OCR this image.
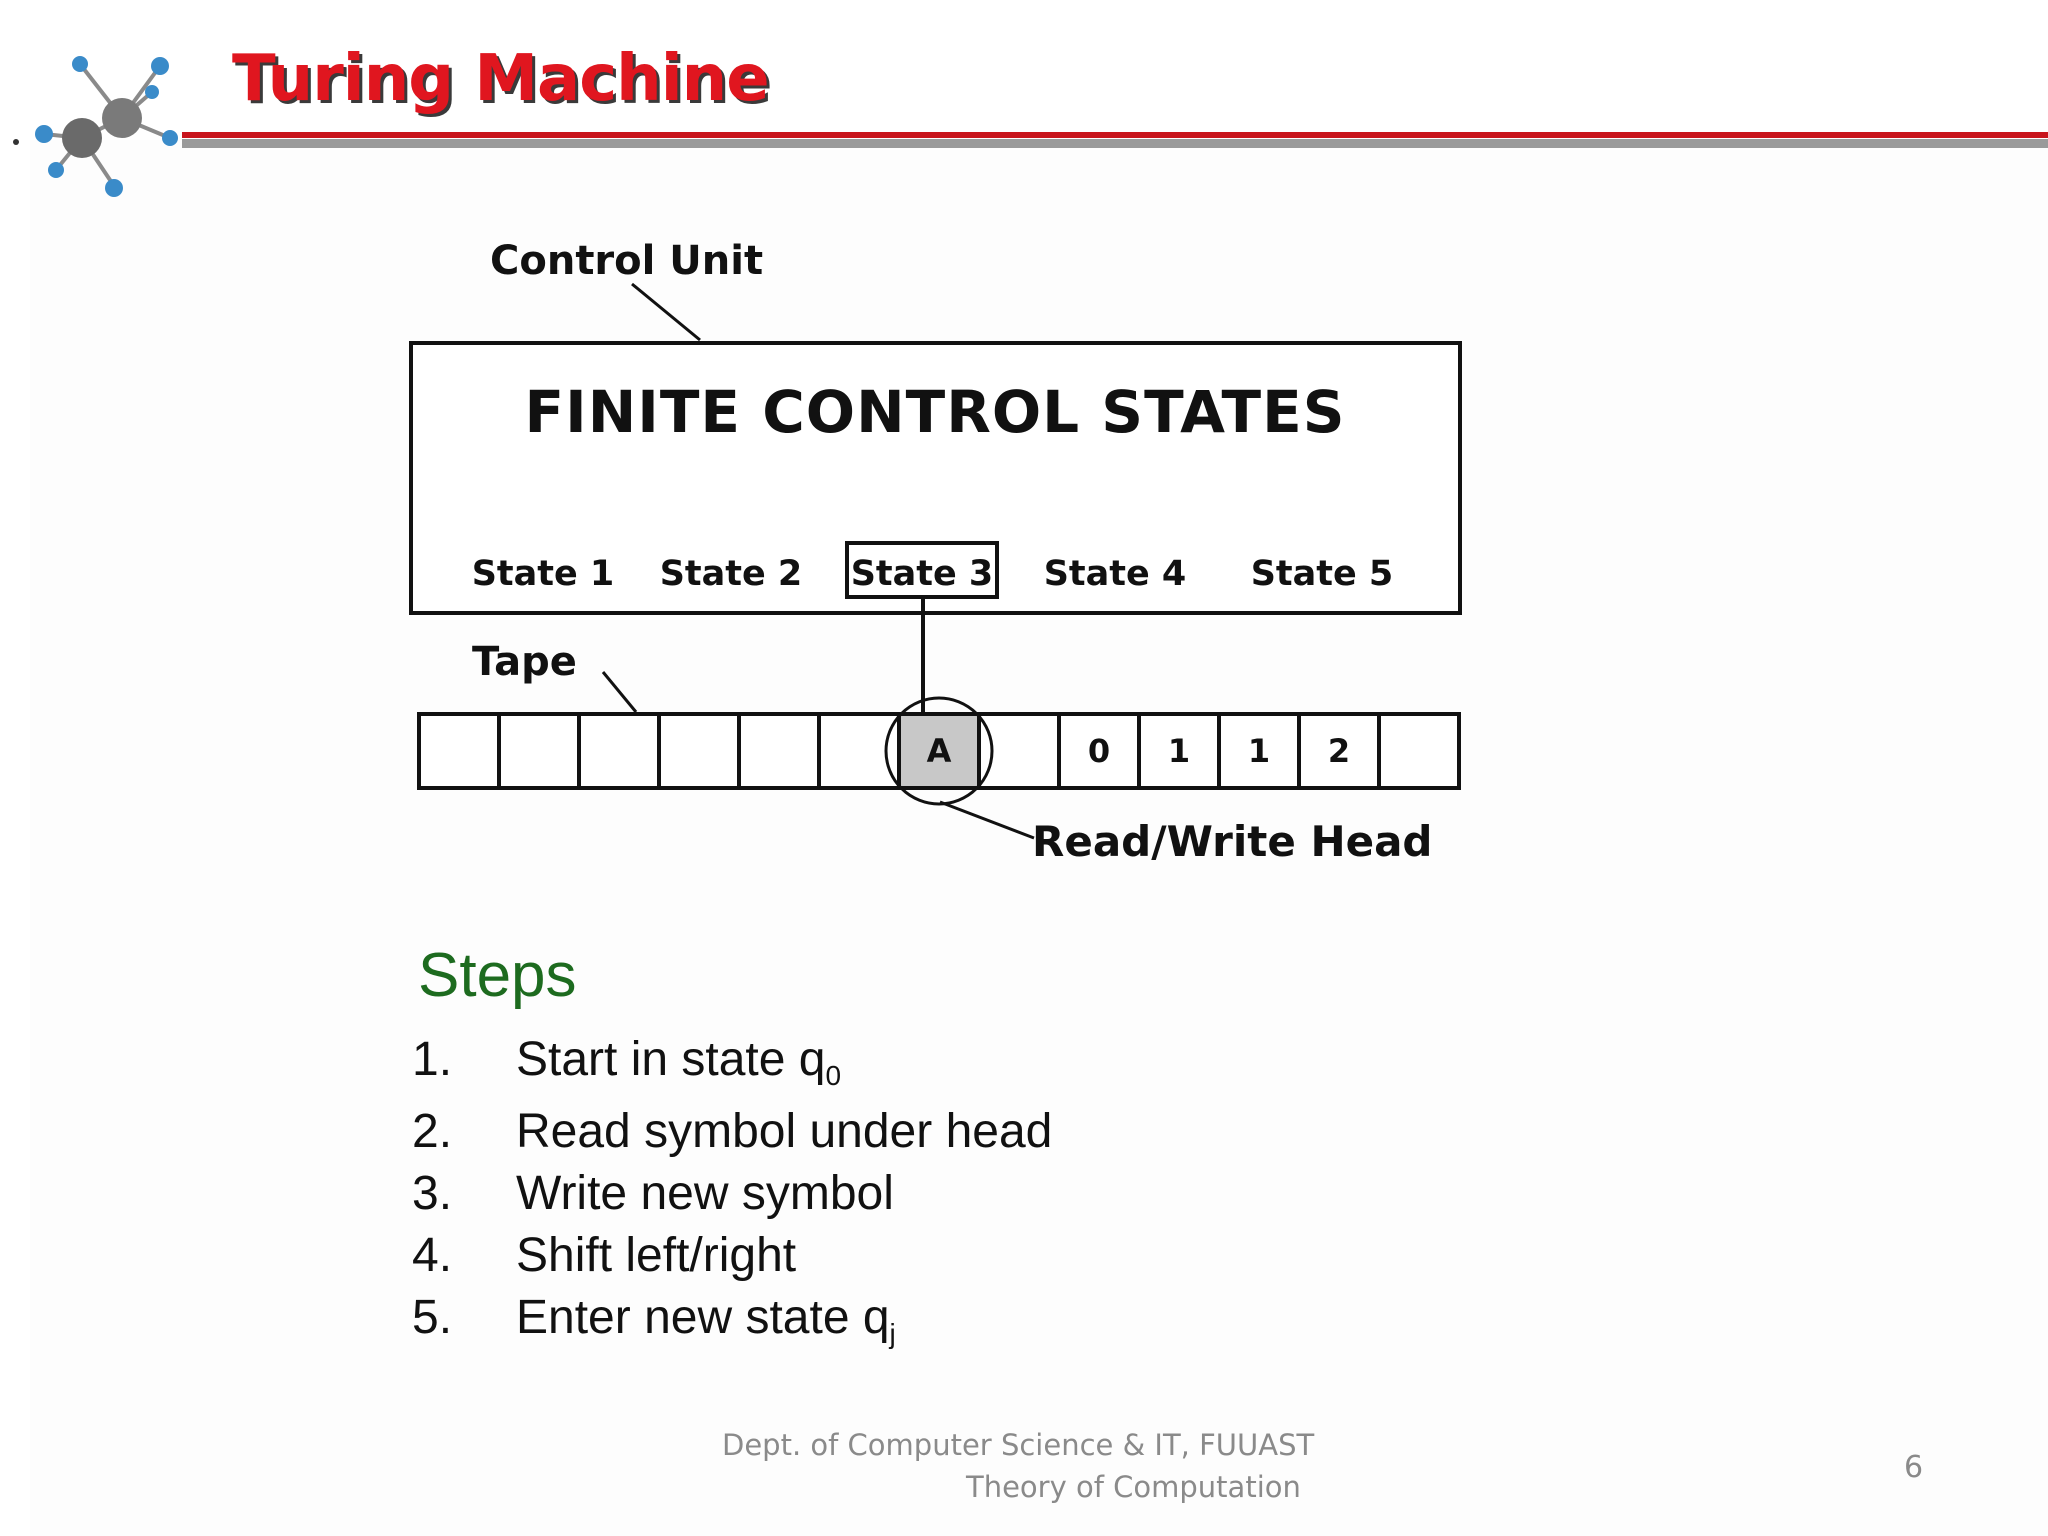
Turing Machine
Control Unit
FINITE CONTROL STATES
State 1 State 2 State 3 State 4 State 5
Tape
A	0 1 1 2
Read/Write Head
Steps
1.	Start in state $q_0$
2.	Read symbol under head
3.	Write new symbol
4.	Shift left/right
5.	Enter new state $q_j$
Dept. of Computer Science & IT, FUUAST
Theory of Computation
6
